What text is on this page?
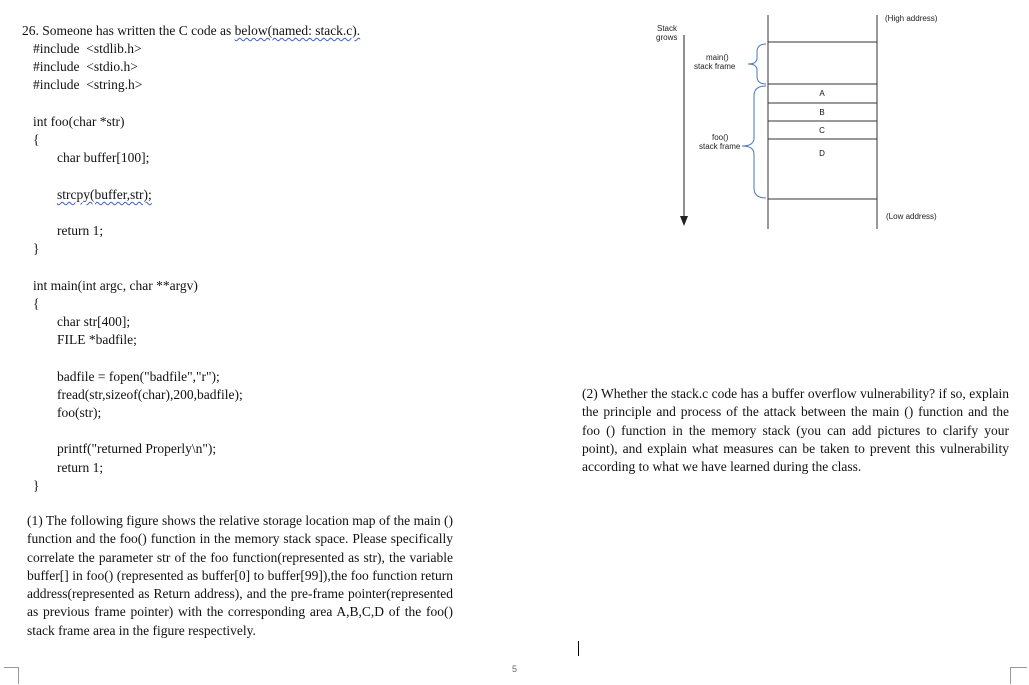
26. Someone has written the C code as below(named: stack.c).
#include  <stdlib.h>
#include  <stdio.h>
#include  <string.h>
int foo(char *str)
{
char buffer[100];
strcpy(buffer,str);
return 1;
}
int main(int argc, char **argv)
{
char str[400];
FILE *badfile;
badfile = fopen("badfile","r");
fread(str,sizeof(char),200,badfile);
foo(str);
printf("returned Properly\n");
return 1;
}
(1) The following figure shows the relative storage location map of the main () function and the foo() function in the memory stack space. Please specifically correlate the parameter str of the foo function(represented as str), the variable buffer[] in foo() (represented as buffer[0] to buffer[99]),the foo function return address(represented as Return address), and the pre-frame pointer(represented as previous frame pointer) with the corresponding area A,B,C,D of the foo() stack frame area in the figure respectively.
(2) Whether the stack.c code has a buffer overflow vulnerability? if so, explain the principle and process of the attack between the main () function and the foo () function in the memory stack (you can add pictures to clarify your point), and explain what measures can be taken to prevent this vulnerability according to what we have learned during the class.
(High address)
(Low address)
Stack
grows
main()
stack frame
foo()
stack frame
A
B
C
D
5
